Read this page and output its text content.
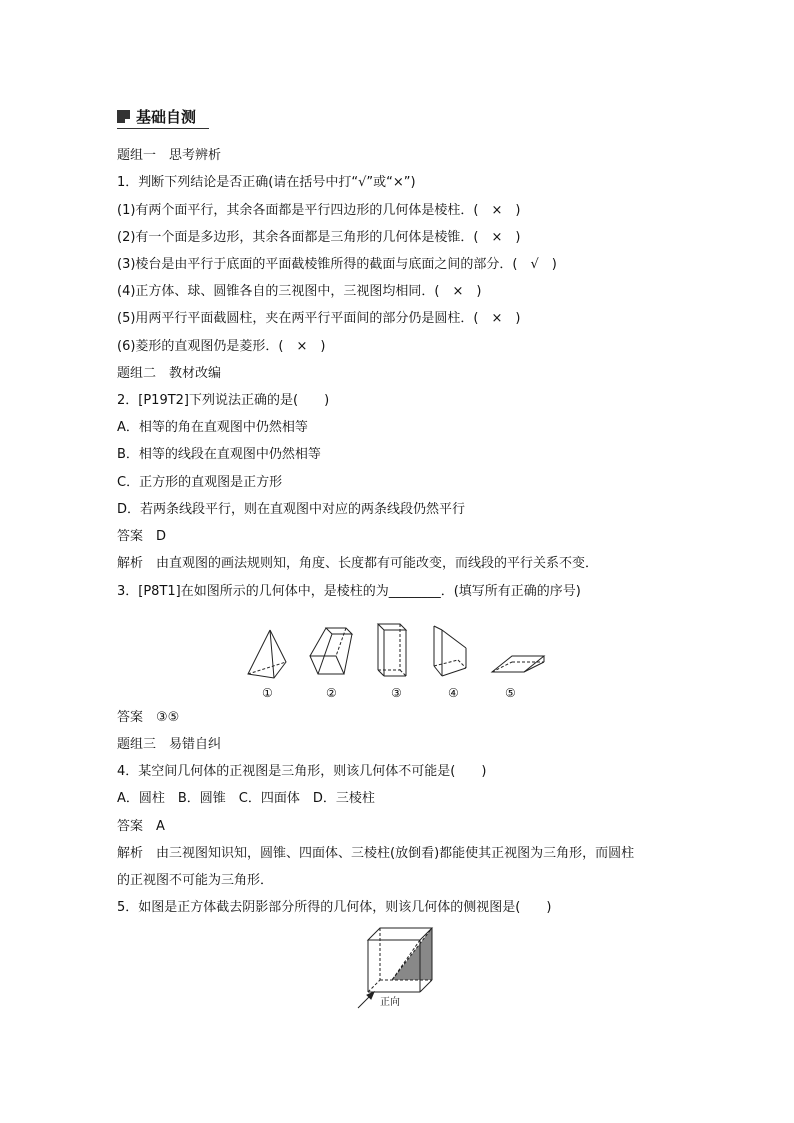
基础自测
题组一　思考辨析
1．判断下列结论是否正确(请在括号中打“√”或“×”)
(1)有两个面平行，其余各面都是平行四边形的几何体是棱柱．(　×　)
(2)有一个面是多边形，其余各面都是三角形的几何体是棱锥．(　×　)
(3)棱台是由平行于底面的平面截棱锥所得的截面与底面之间的部分．(　√　)
(4)正方体、球、圆锥各自的三视图中，三视图均相同．(　×　)
(5)用两平行平面截圆柱，夹在两平行平面间的部分仍是圆柱．(　×　)
(6)菱形的直观图仍是菱形．(　×　)
题组二　教材改编
2．[P19T2]下列说法正确的是(　　)
A．相等的角在直观图中仍然相等
B．相等的线段在直观图中仍然相等
C．正方形的直观图是正方形
D．若两条线段平行，则在直观图中对应的两条线段仍然平行
答案　D
解析　由直观图的画法规则知，角度、长度都有可能改变，而线段的平行关系不变．
3．[P8T1]在如图所示的几何体中，是棱柱的为________．(填写所有正确的序号)
①	②	③	④	⑤
答案　③⑤
题组三　易错自纠
4．某空间几何体的正视图是三角形，则该几何体不可能是(　　)
A．圆柱　B．圆锥　C．四面体　D．三棱柱
答案　A
解析　由三视图知识知，圆锥、四面体、三棱柱(放倒看)都能使其正视图为三角形，而圆柱
的正视图不可能为三角形．
5．如图是正方体截去阴影部分所得的几何体，则该几何体的侧视图是(　　)
正向
